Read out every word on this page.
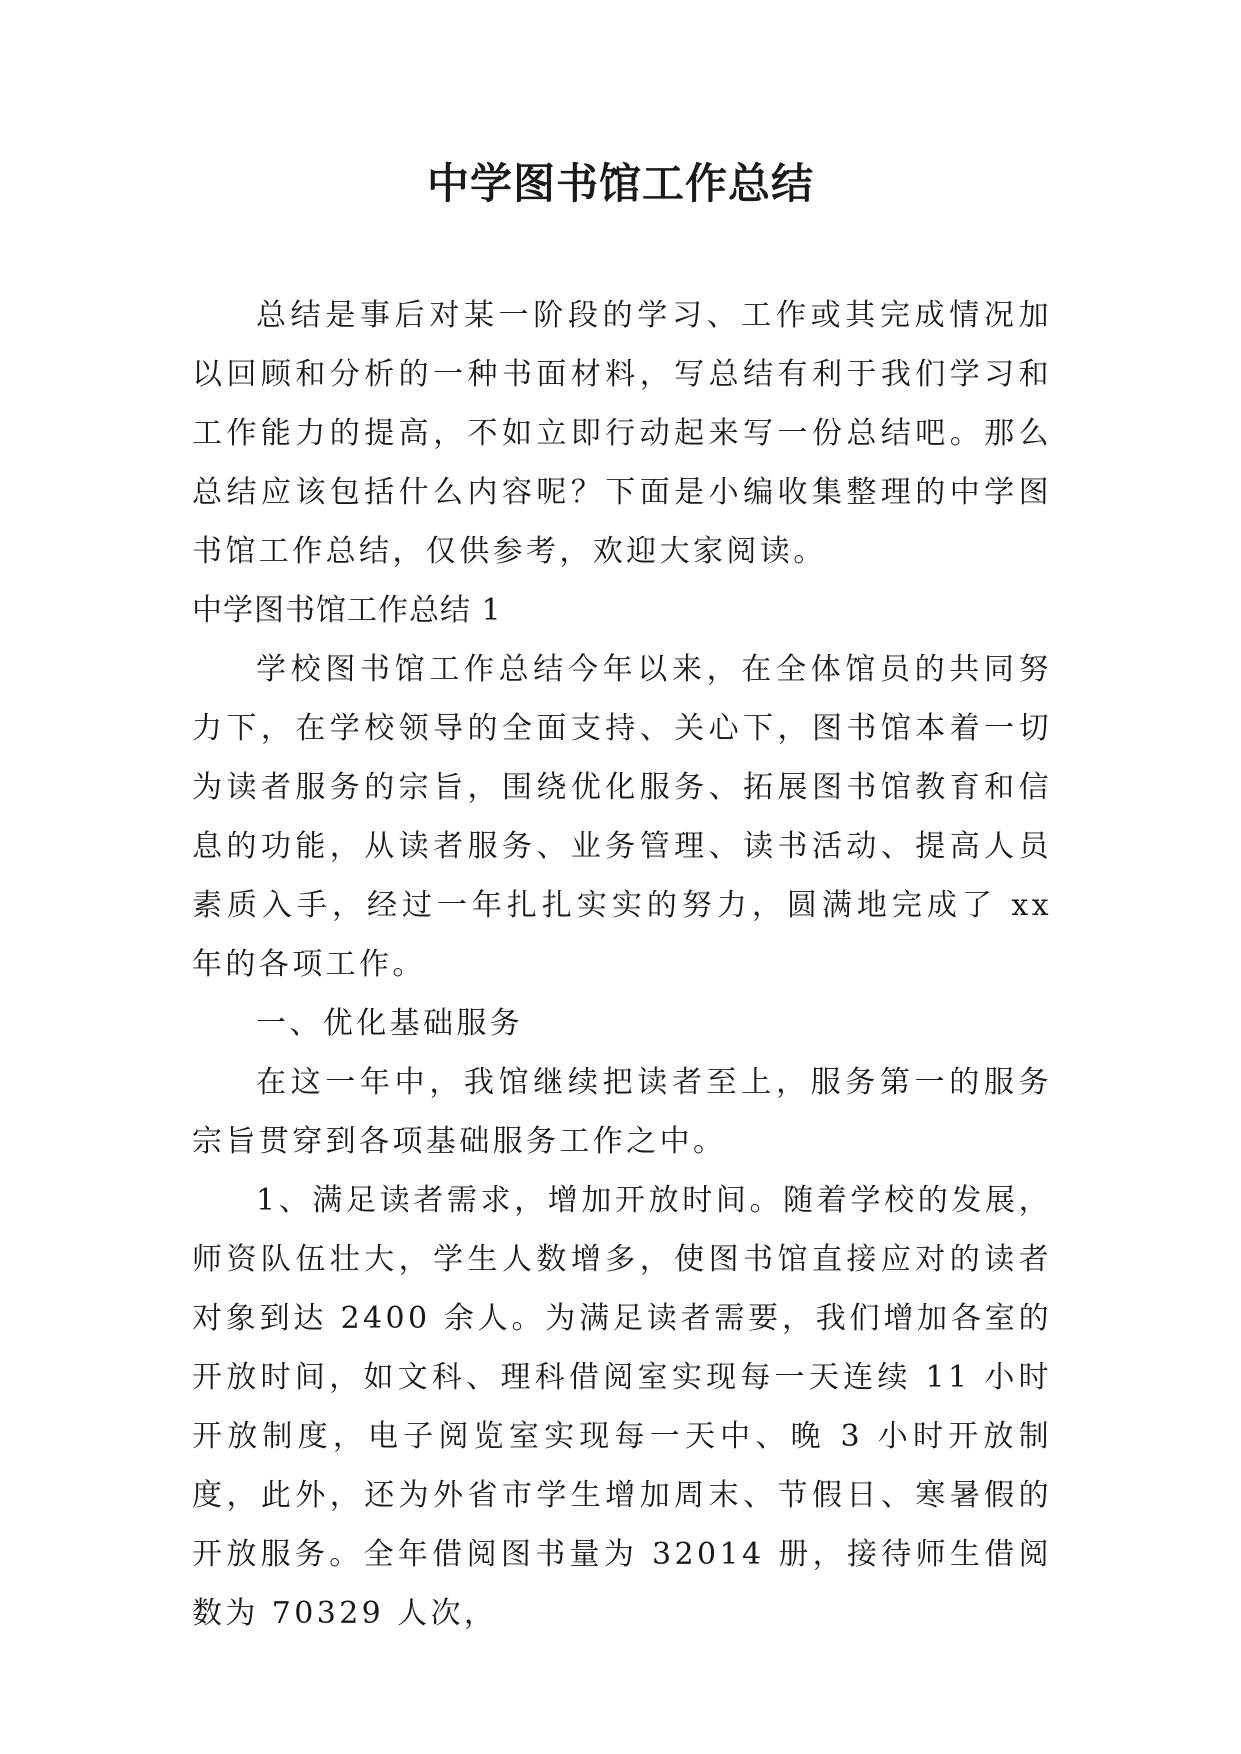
中学图书馆工作总结

总结是事后对某一阶段的学习、工作或其完成情况加以回顾和分析的一种书面材料，写总结有利于我们学习和工作能力的提高，不如立即行动起来写一份总结吧。那么总结应该包括什么内容呢？下面是小编收集整理的中学图书馆工作总结，仅供参考，欢迎大家阅读。

中学图书馆工作总结 1

学校图书馆工作总结今年以来，在全体馆员的共同努力下，在学校领导的全面支持、关心下，图书馆本着一切为读者服务的宗旨，围绕优化服务、拓展图书馆教育和信息的功能，从读者服务、业务管理、读书活动、提高人员素质入手，经过一年扎扎实实的努力，圆满地完成了 xx 年的各项工作。

一、优化基础服务

在这一年中，我馆继续把读者至上，服务第一的服务宗旨贯穿到各项基础服务工作之中。

1、满足读者需求，增加开放时间。随着学校的发展，师资队伍壮大，学生人数增多，使图书馆直接应对的读者对象到达 2400 余人。为满足读者需要，我们增加各室的开放时间，如文科、理科借阅室实现每一天连续 11 小时开放制度，电子阅览室实现每一天中、晚 3 小时开放制度，此外，还为外省市学生增加周末、节假日、寒暑假的开放服务。全年借阅图书量为 32014 册，接待师生借阅数为 70329 人次，
